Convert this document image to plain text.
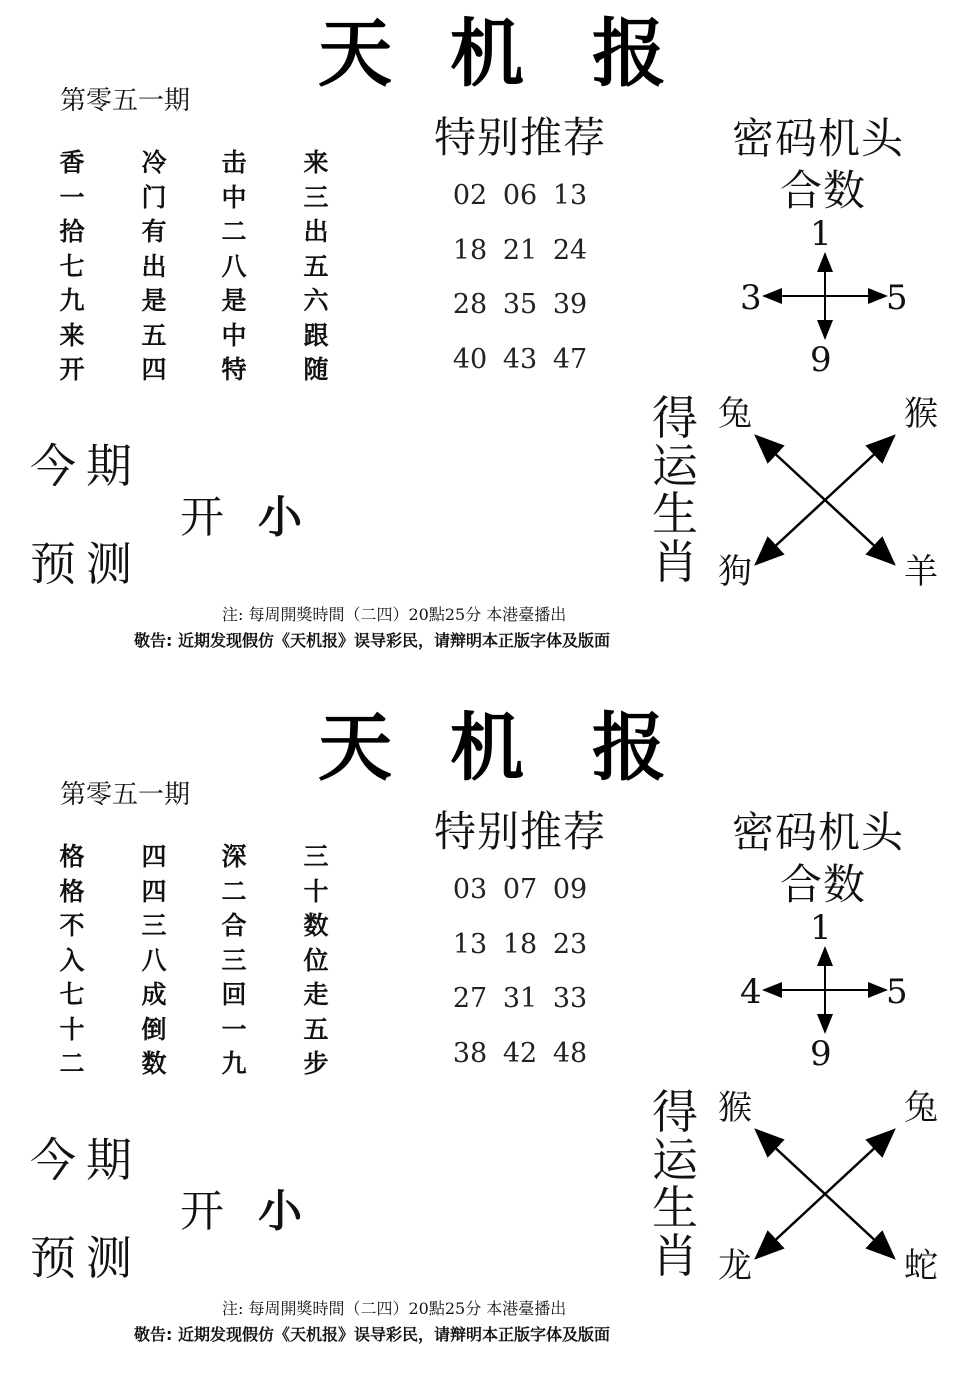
天 机 报
第零五一期
香	冷	击	来
一	门	中	三
拾	有	二	出
七	出	八	五
九	是	是	六
来	五	中	跟
开	四	特	随
特别推荐
02 06 13
18 21 24
28 35 39
40 43 47
密码机头
合数
1
3	5
9
得
运
生
肖
兔	猴
狗	羊
今期
预测
开 小
注: 每周開獎時間（二四）20點25分 本港臺播出
敬告: 近期发现假仿《天机报》误导彩民，请辩明本正版字体及版面
天 机 报
第零五一期
格	四	深	三
格	四	二	十
不	三	合	数
入	八	三	位
七	成	回	走
十	倒	一	五
二	数	九	步
特别推荐
03 07 09
13 18 23
27 31 33
38 42 48
密码机头
合数
1
4	5
9
得
运
生
肖
猴	兔
龙	蛇
今期
预测
开 小
注: 每周開獎時間（二四）20點25分 本港臺播出
敬告: 近期发现假仿《天机报》误导彩民，请辩明本正版字体及版面
